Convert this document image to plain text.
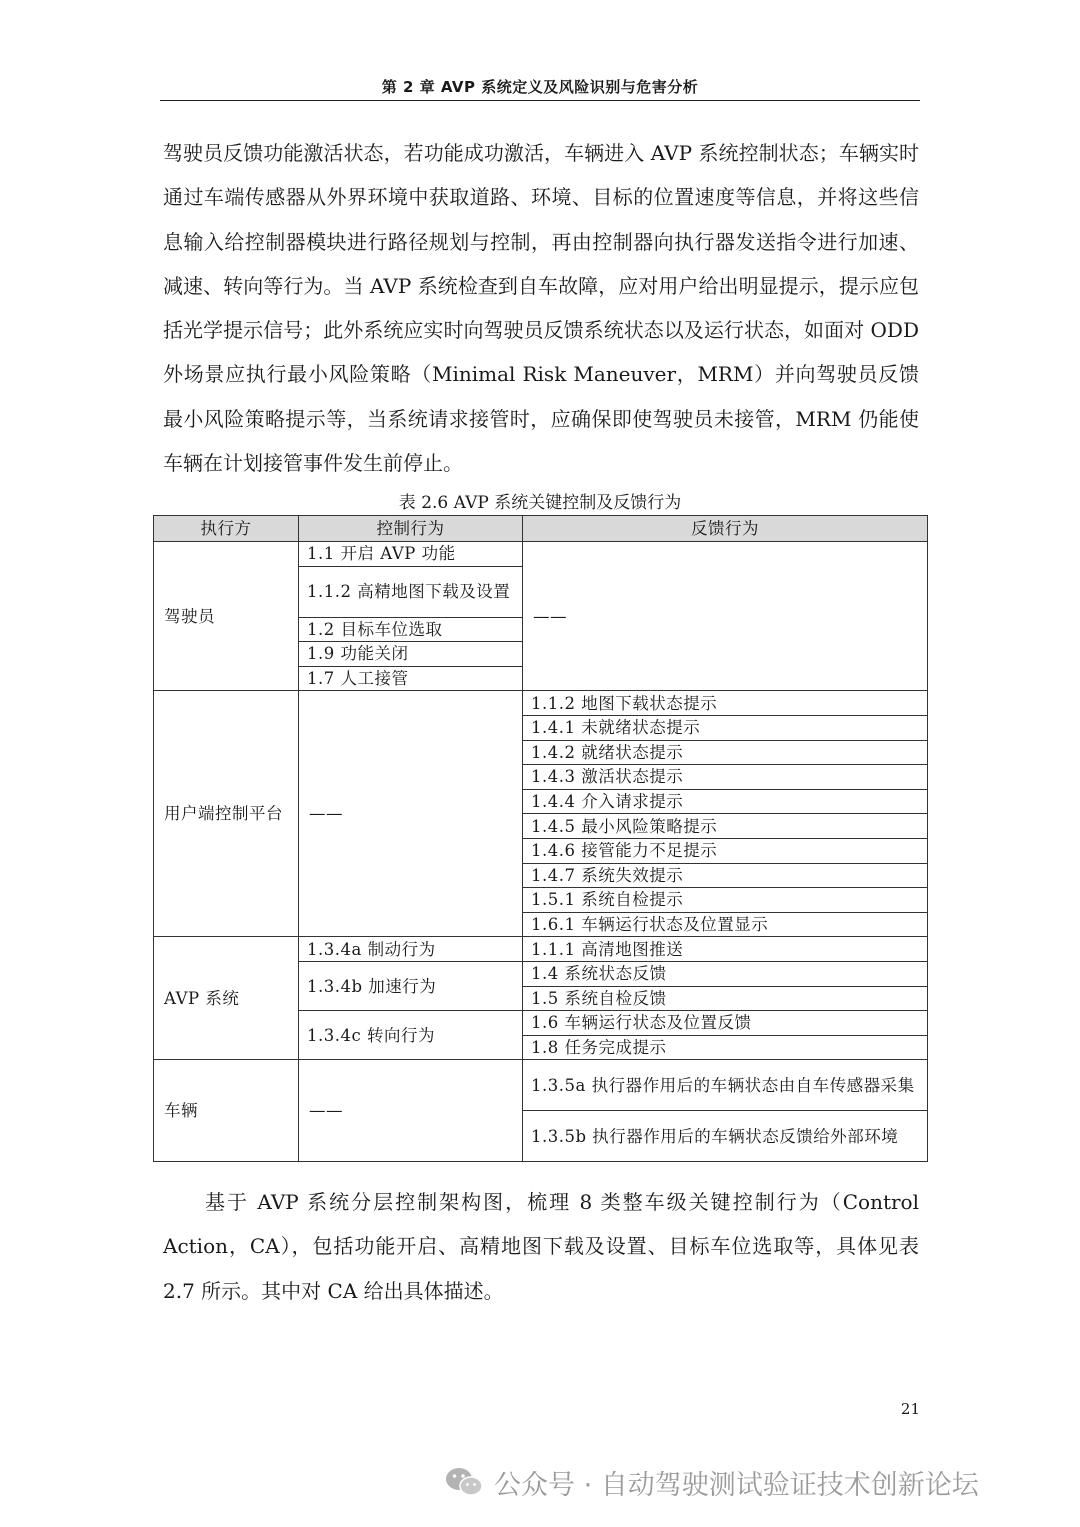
第 2 章 AVP 系统定义及风险识别与危害分析

驾驶员反馈功能激活状态，若功能成功激活，车辆进入 AVP 系统控制状态；车辆实时通过车端传感器从外界环境中获取道路、环境、目标的位置速度等信息，并将这些信息输入给控制器模块进行路径规划与控制，再由控制器向执行器发送指令进行加速、减速、转向等行为。当 AVP 系统检查到自车故障，应对用户给出明显提示，提示应包括光学提示信号；此外系统应实时向驾驶员反馈系统状态以及运行状态，如面对 ODD 外场景应执行最小风险策略（Minimal Risk Maneuver，MRM）并向驾驶员反馈最小风险策略提示等，当系统请求接管时，应确保即使驾驶员未接管，MRM 仍能使车辆在计划接管事件发生前停止。

表 2.6 AVP 系统关键控制及反馈行为
执行方	控制行为	反馈行为
驾驶员	1.1 开启 AVP 功能	——
	1.1.2 高精地图下载及设置	
	1.2 目标车位选取	
	1.9 功能关闭	
	1.7 人工接管	
用户端控制平台	——	1.1.2 地图下载状态提示
		1.4.1 未就绪状态提示
		1.4.2 就绪状态提示
		1.4.3 激活状态提示
		1.4.4 介入请求提示
		1.4.5 最小风险策略提示
		1.4.6 接管能力不足提示
		1.4.7 系统失效提示
		1.5.1 系统自检提示
		1.6.1 车辆运行状态及位置显示
AVP 系统	1.3.4a 制动行为	1.1.1 高清地图推送
	1.3.4b 加速行为	1.4 系统状态反馈
		1.5 系统自检反馈
	1.3.4c 转向行为	1.6 车辆运行状态及位置反馈
		1.8 任务完成提示
车辆	——	1.3.5a 执行器作用后的车辆状态由自车传感器采集
		1.3.5b 执行器作用后的车辆状态反馈给外部环境

基于 AVP 系统分层控制架构图，梳理 8 类整车级关键控制行为（Control Action，CA），包括功能开启、高精地图下载及设置、目标车位选取等，具体见表 2.7 所示。其中对 CA 给出具体描述。

21
公众号 · 自动驾驶测试验证技术创新论坛
